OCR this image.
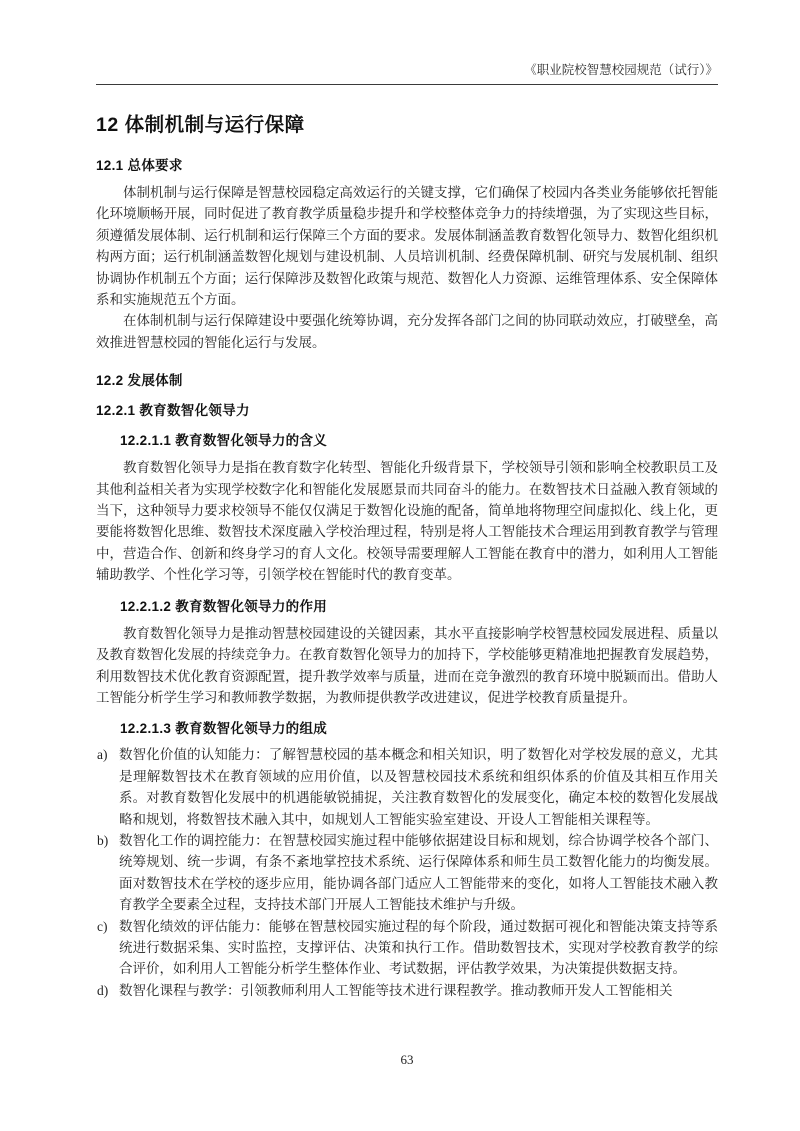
《职业院校智慧校园规范（试行）》
12 体制机制与运行保障
12.1 总体要求

体制机制与运行保障是智慧校园稳定高效运行的关键支撑，它们确保了校园内各类业务能够依托智能化环境顺畅开展，同时促进了教育教学质量稳步提升和学校整体竞争力的持续增强，为了实现这些目标，须遵循发展体制、运行机制和运行保障三个方面的要求。发展体制涵盖教育数智化领导力、数智化组织机构两方面；运行机制涵盖数智化规划与建设机制、人员培训机制、经费保障机制、研究与发展机制、组织协调协作机制五个方面；运行保障涉及数智化政策与规范、数智化人力资源、运维管理体系、安全保障体系和实施规范五个方面。

在体制机制与运行保障建设中要强化统筹协调，充分发挥各部门之间的协同联动效应，打破壁垒，高效推进智慧校园的智能化运行与发展。

12.2 发展体制
12.2.1 教育数智化领导力
12.2.1.1 教育数智化领导力的含义

教育数智化领导力是指在教育数字化转型、智能化升级背景下，学校领导引领和影响全校教职员工及其他利益相关者为实现学校数字化和智能化发展愿景而共同奋斗的能力。在数智技术日益融入教育领域的当下，这种领导力要求校领导不能仅仅满足于数智化设施的配备，简单地将物理空间虚拟化、线上化，更要能将数智化思维、数智技术深度融入学校治理过程，特别是将人工智能技术合理运用到教育教学与管理中，营造合作、创新和终身学习的育人文化。校领导需要理解人工智能在教育中的潜力，如利用人工智能辅助教学、个性化学习等，引领学校在智能时代的教育变革。

12.2.1.2 教育数智化领导力的作用

教育数智化领导力是推动智慧校园建设的关键因素，其水平直接影响学校智慧校园发展进程、质量以及教育数智化发展的持续竞争力。在教育数智化领导力的加持下，学校能够更精准地把握教育发展趋势，利用数智技术优化教育资源配置，提升教学效率与质量，进而在竞争激烈的教育环境中脱颖而出。借助人工智能分析学生学习和教师教学数据，为教师提供教学改进建议，促进学校教育质量提升。

12.2.1.3 教育数智化领导力的组成
a) 数智化价值的认知能力：了解智慧校园的基本概念和相关知识，明了数智化对学校发展的意义，尤其是理解数智技术在教育领域的应用价值，以及智慧校园技术系统和组织体系的价值及其相互作用关系。对教育数智化发展中的机遇能敏锐捕捉，关注教育数智化的发展变化，确定本校的数智化发展战略和规划，将数智技术融入其中，如规划人工智能实验室建设、开设人工智能相关课程等。
b) 数智化工作的调控能力：在智慧校园实施过程中能够依据建设目标和规划，综合协调学校各个部门、统筹规划、统一步调，有条不紊地掌控技术系统、运行保障体系和师生员工数智化能力的均衡发展。面对数智技术在学校的逐步应用，能协调各部门适应人工智能带来的变化，如将人工智能技术融入教育教学全要素全过程，支持技术部门开展人工智能技术维护与升级。
c) 数智化绩效的评估能力：能够在智慧校园实施过程的每个阶段，通过数据可视化和智能决策支持等系统进行数据采集、实时监控，支撑评估、决策和执行工作。借助数智技术，实现对学校教育教学的综合评价，如利用人工智能分析学生整体作业、考试数据，评估教学效果，为决策提供数据支持。
d) 数智化课程与教学：引领教师利用人工智能等技术进行课程教学。推动教师开发人工智能相关
63
